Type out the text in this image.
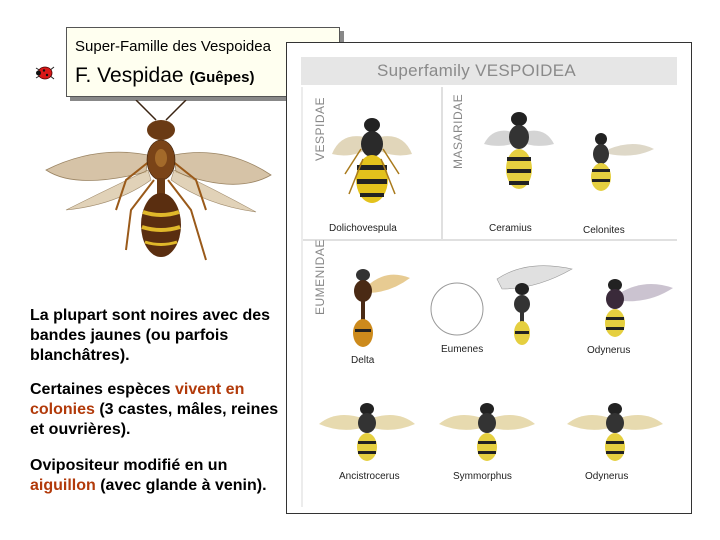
Super-Famille des Vespoidea
F. Vespidae (Guêpes)
La plupart sont noires avec des bandes jaunes (ou parfois blanchâtres).
Certaines espèces vivent en colonies (3 castes, mâles, reines et ouvrières).
Ovipositeur modifié en un aiguillon (avec glande à venin).
Superfamily VESPOIDEA
VESPIDAE	MASARIDAE
EUMENIDAE
Dolichovespula	Ceramius	Celonites
Delta
Eumenes	Odynerus
Ancistrocerus	Symmorphus	Odynerus
